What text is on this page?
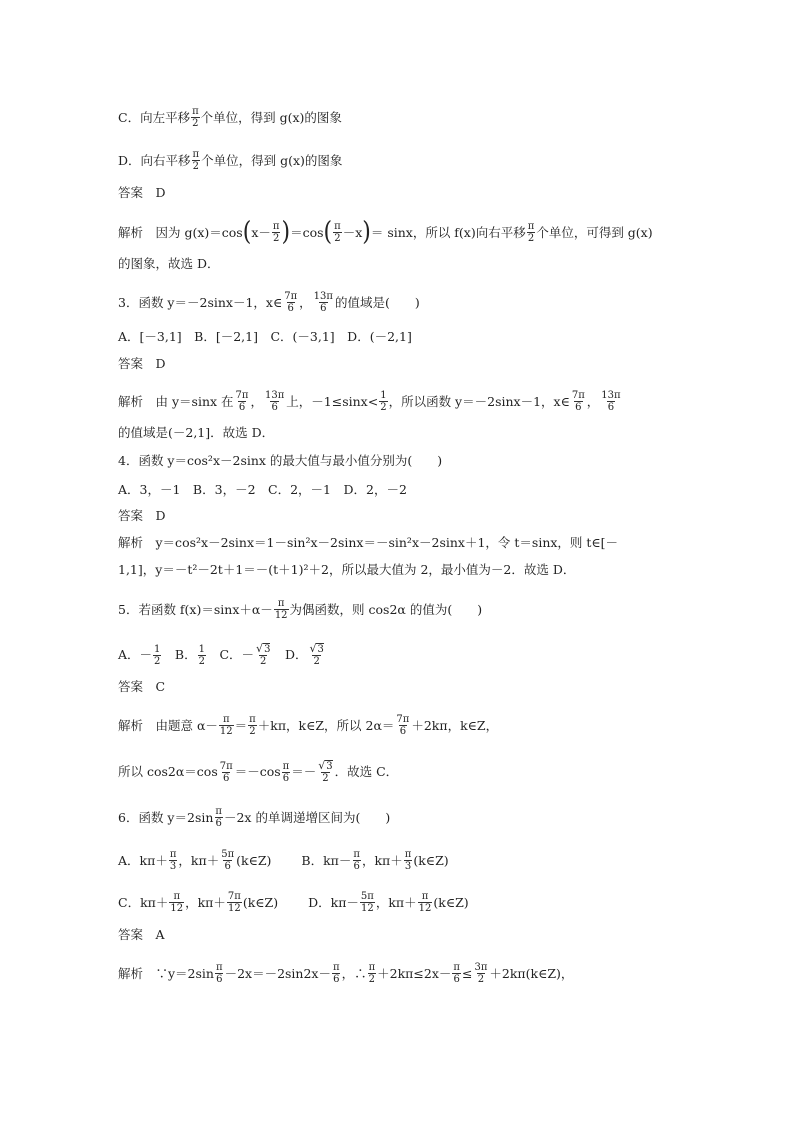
C．向左平移 π
2 个单位，得到 g(x)的图象
D．向右平移 π
2 个单位，得到 g(x)的图象
答案　D
解析　因为 g(x)＝cos ( x－ π
2 ) ＝cos ( π
2 －x ) ＝ sinx，所以 f(x)向右平移 π
2 个单位，可得到 g(x)
的图象，故选 D．
3．函数 y＝－2sinx－1，x∈ 7π
6 ， 13π
6 的值域是(　　)
A．[－3,1]　B．[－2,1]　C．(－3,1]　D．(－2,1]
答案　D
解析　由 y＝sinx 在 7π
6 ， 13π
6 上，－1≤sinx< 1
2 ，所以函数 y＝－2sinx－1，x∈ 7π
6 ， 13π
6
的值域是(－2,1]．故选 D．
4．函数 y＝cos²x－2sinx 的最大值与最小值分别为(　　)
A．3，－1　B．3，－2　C．2，－1　D．2，－2
答案　D
解析　y＝cos²x－2sinx＝1－sin²x－2sinx＝－sin²x－2sinx＋1，令 t＝sinx，则 t∈[－
1,1]，y＝－t²－2t＋1＝－(t＋1)²＋2，所以最大值为 2，最小值为－2．故选 D．
5．若函数 f(x)＝sinx＋α－ π
12 为偶函数，则 cos2α 的值为(　　)
A．－ 1
2 　B． 1
2 　C．－ √3
2 　D． √3
2
答案　C
解析　由题意 α－ π
12 ＝ π
2 ＋kπ，k∈Z，所以 2α＝ 7π
6 ＋2kπ，k∈Z，
所以 cos2α＝cos 7π
6 ＝－cos π
6 ＝－ √3
2 ．故选 C．
6．函数 y＝2sin π
6 －2x 的单调递增区间为(　　)
A．kπ＋ π
3 ，kπ＋ 5π
6 (k∈Z) B．kπ－ π
6 ，kπ＋ π
3 (k∈Z)
C．kπ＋ π
12 ，kπ＋ 7π
12 (k∈Z) D．kπ－ 5π
12 ，kπ＋ π
12 (k∈Z)
答案　A
解析　∵y＝2sin π
6 －2x＝－2sin2x－ π
6 ，∴ π
$2 +2k\pi\le 2x- \frac{\pi}{6} \le \frac{3\pi}{2}$ ＋2kπ(k∈Z)，
